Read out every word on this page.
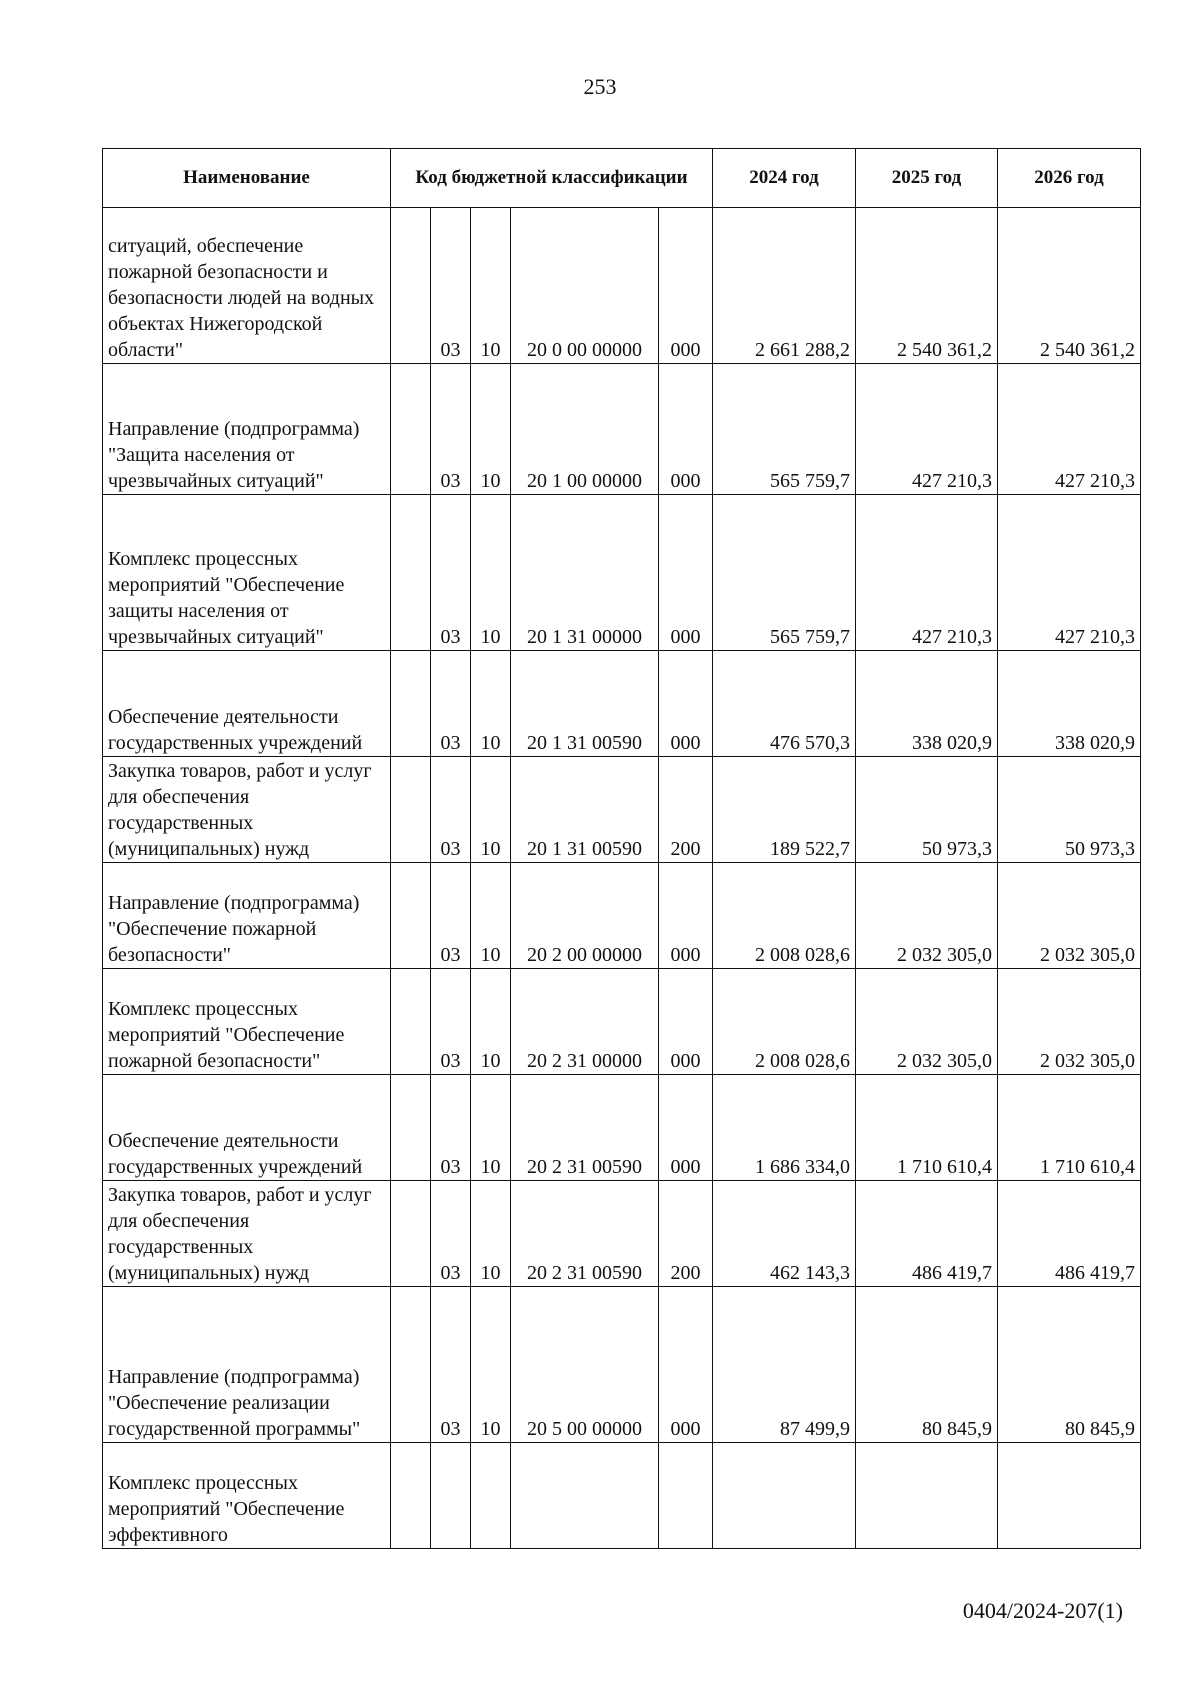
253
Наименование	Код бюджетной классификации					2024 год	2025 год	2026 год
ситуаций, обеспечение пожарной безопасности и безопасности людей на водных объектах Нижегородской области"		03	10	20 0 00 00000	000	2 661 288,2	2 540 361,2	2 540 361,2
Направление (подпрограмма) "Защита населения от чрезвычайных ситуаций"		03	10	20 1 00 00000	000	565 759,7	427 210,3	427 210,3
Комплекс процессных мероприятий "Обеспечение защиты населения от чрезвычайных ситуаций"		03	10	20 1 31 00000	000	565 759,7	427 210,3	427 210,3
Обеспечение деятельности государственных учреждений		03	10	20 1 31 00590	000	476 570,3	338 020,9	338 020,9
Закупка товаров, работ и услуг для обеспечения государственных (муниципальных) нужд		03	10	20 1 31 00590	200	189 522,7	50 973,3	50 973,3
Направление (подпрограмма) "Обеспечение пожарной безопасности"		03	10	20 2 00 00000	000	2 008 028,6	2 032 305,0	2 032 305,0
Комплекс процессных мероприятий "Обеспечение пожарной безопасности"		03	10	20 2 31 00000	000	2 008 028,6	2 032 305,0	2 032 305,0
Обеспечение деятельности государственных учреждений		03	10	20 2 31 00590	000	1 686 334,0	1 710 610,4	1 710 610,4
Закупка товаров, работ и услуг для обеспечения государственных (муниципальных) нужд		03	10	20 2 31 00590	200	462 143,3	486 419,7	486 419,7
Направление (подпрограмма) "Обеспечение реализации государственной программы"		03	10	20 5 00 00000	000	87 499,9	80 845,9	80 845,9
Комплекс процессных мероприятий "Обеспечение эффективного								
0404/2024-207(1)
